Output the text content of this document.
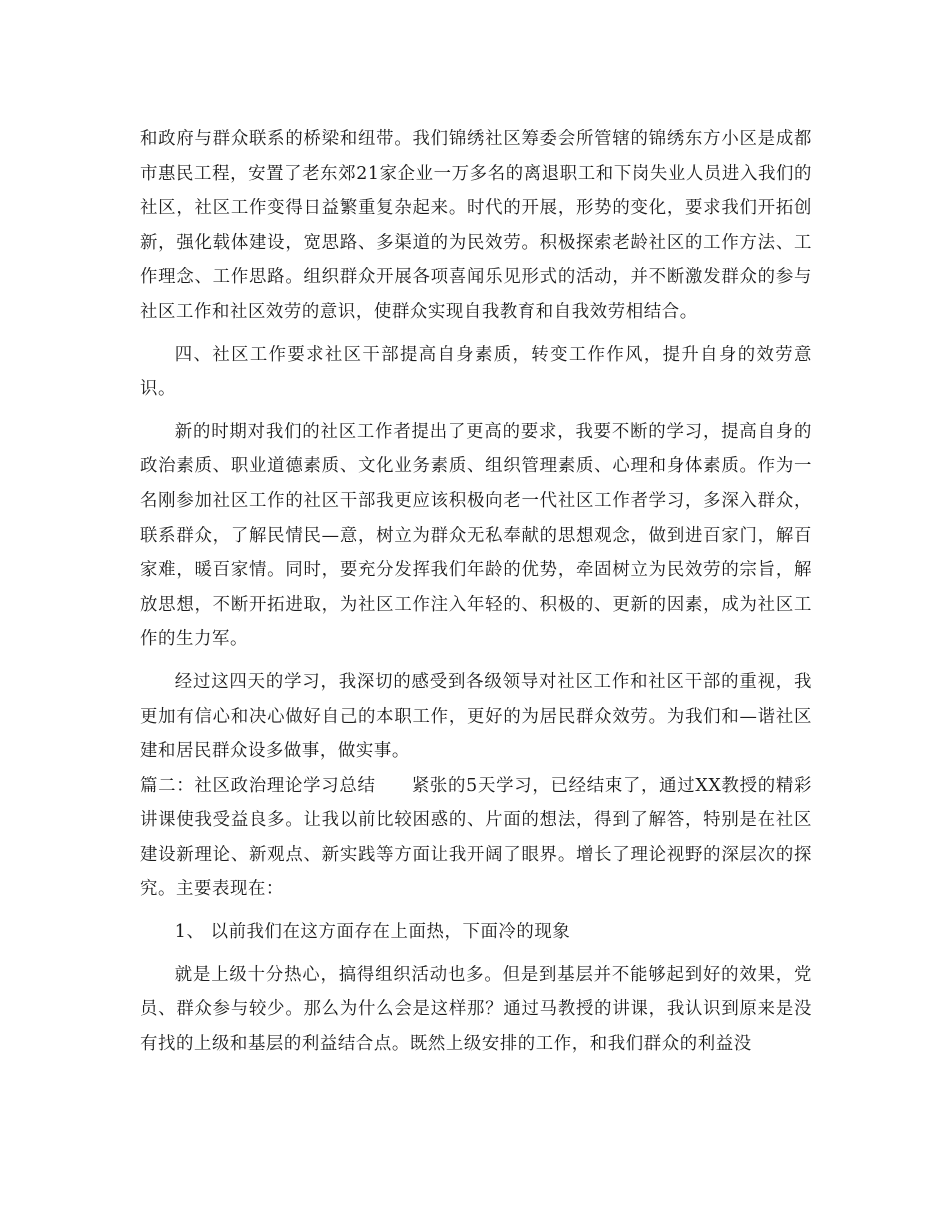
和政府与群众联系的桥梁和纽带。我们锦绣社区筹委会所管辖的锦绣东方小区是成都市惠民工程，安置了老东郊21家企业一万多名的离退职工和下岗失业人员进入我们的社区，社区工作变得日益繁重复杂起来。时代的开展，形势的变化，要求我们开拓创新，强化载体建设，宽思路、多渠道的为民效劳。积极探索老龄社区的工作方法、工作理念、工作思路。组织群众开展各项喜闻乐见形式的活动，并不断激发群众的参与社区工作和社区效劳的意识，使群众实现自我教育和自我效劳相结合。

四、社区工作要求社区干部提高自身素质，转变工作作风，提升自身的效劳意识。

新的时期对我们的社区工作者提出了更高的要求，我要不断的学习，提高自身的政治素质、职业道德素质、文化业务素质、组织管理素质、心理和身体素质。作为一名刚参加社区工作的社区干部我更应该积极向老一代社区工作者学习，多深入群众，联系群众，了解民情民—意，树立为群众无私奉献的思想观念，做到进百家门，解百家难，暖百家情。同时，要充分发挥我们年龄的优势，牵固树立为民效劳的宗旨，解放思想，不断开拓进取，为社区工作注入年轻的、积极的、更新的因素，成为社区工作的生力军。

经过这四天的学习，我深切的感受到各级领导对社区工作和社区干部的重视，我更加有信心和决心做好自己的本职工作，更好的为居民群众效劳。为我们和—谐社区建和居民群众设多做事，做实事。

篇二：社区政治理论学习总结　　紧张的5天学习，已经结束了，通过XX教授的精彩讲课使我受益良多。让我以前比较困惑的、片面的想法，得到了解答，特别是在社区建设新理论、新观点、新实践等方面让我开阔了眼界。增长了理论视野的深层次的探究。主要表现在：

1、 以前我们在这方面存在上面热，下面冷的现象

就是上级十分热心，搞得组织活动也多。但是到基层并不能够起到好的效果，党员、群众参与较少。那么为什么会是这样那？通过马教授的讲课，我认识到原来是没有找的上级和基层的利益结合点。既然上级安排的工作，和我们群众的利益没
